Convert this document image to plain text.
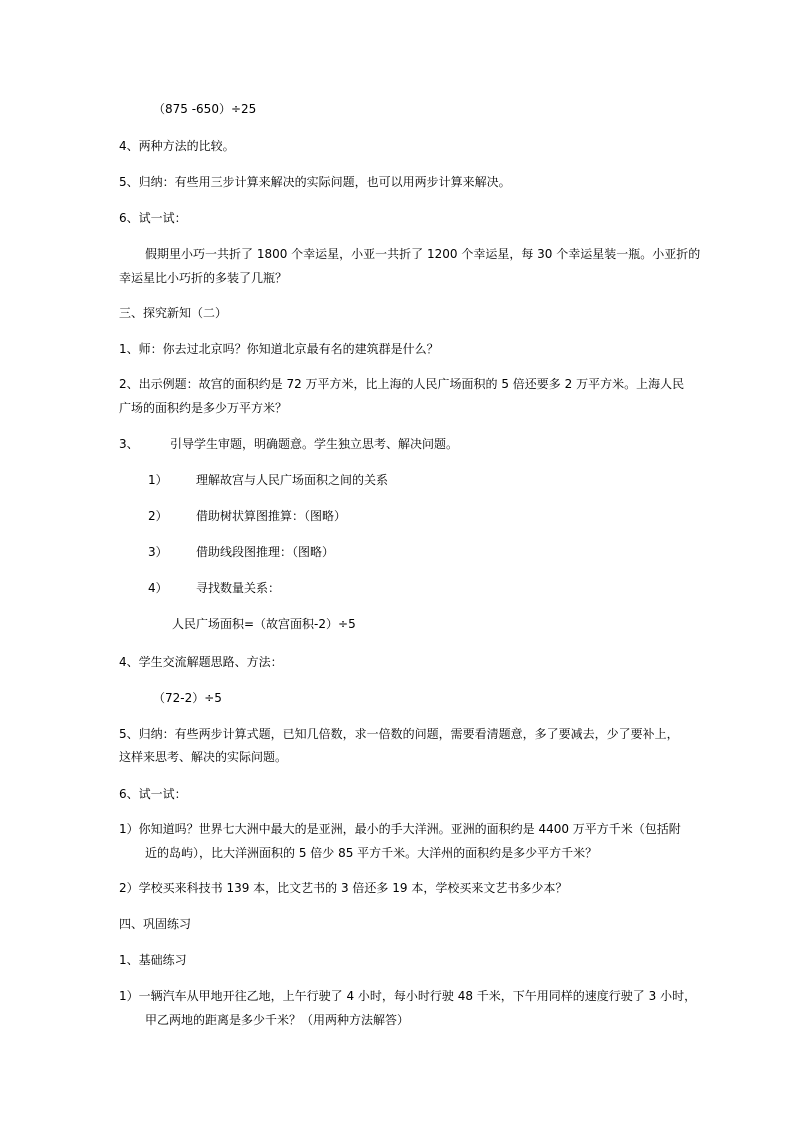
（875 -650）÷25
4、两种方法的比较。
5、归纳：有些用三步计算来解决的实际问题，也可以用两步计算来解决。
6、试一试：
假期里小巧一共折了 1800 个幸运星，小亚一共折了 1200 个幸运星，每 30 个幸运星装一瓶。小亚折的
幸运星比小巧折的多装了几瓶？
三、探究新知（二）
1、师：你去过北京吗？你知道北京最有名的建筑群是什么？
2、出示例题：故宫的面积约是 72 万平方米，比上海的人民广场面积的 5 倍还要多 2 万平方米。上海人民
广场的面积约是多少万平方米？
3、	引导学生审题，明确题意。学生独立思考、解决问题。
1） 理解故宫与人民广场面积之间的关系
2） 借助树状算图推算：（图略）
3） 借助线段图推理：（图略）
4） 寻找数量关系：
人民广场面积=（故宫面积-2）÷5
4、学生交流解题思路、方法：
（72-2）÷5
5、归纳：有些两步计算式题，已知几倍数，求一倍数的问题，需要看清题意，多了要减去，少了要补上，
这样来思考、解决的实际问题。
6、试一试：
1）你知道吗？世界七大洲中最大的是亚洲，最小的手大洋洲。亚洲的面积约是 4400 万平方千米（包括附
近的岛屿），比大洋洲面积的 5 倍少 85 平方千米。大洋州的面积约是多少平方千米？
2）学校买来科技书 139 本，比文艺书的 3 倍还多 19 本，学校买来文艺书多少本？
四、巩固练习
1、基础练习
1）一辆汽车从甲地开往乙地，上午行驶了 4 小时，每小时行驶 48 千米，下午用同样的速度行驶了 3 小时，
甲乙两地的距离是多少千米？（用两种方法解答）
